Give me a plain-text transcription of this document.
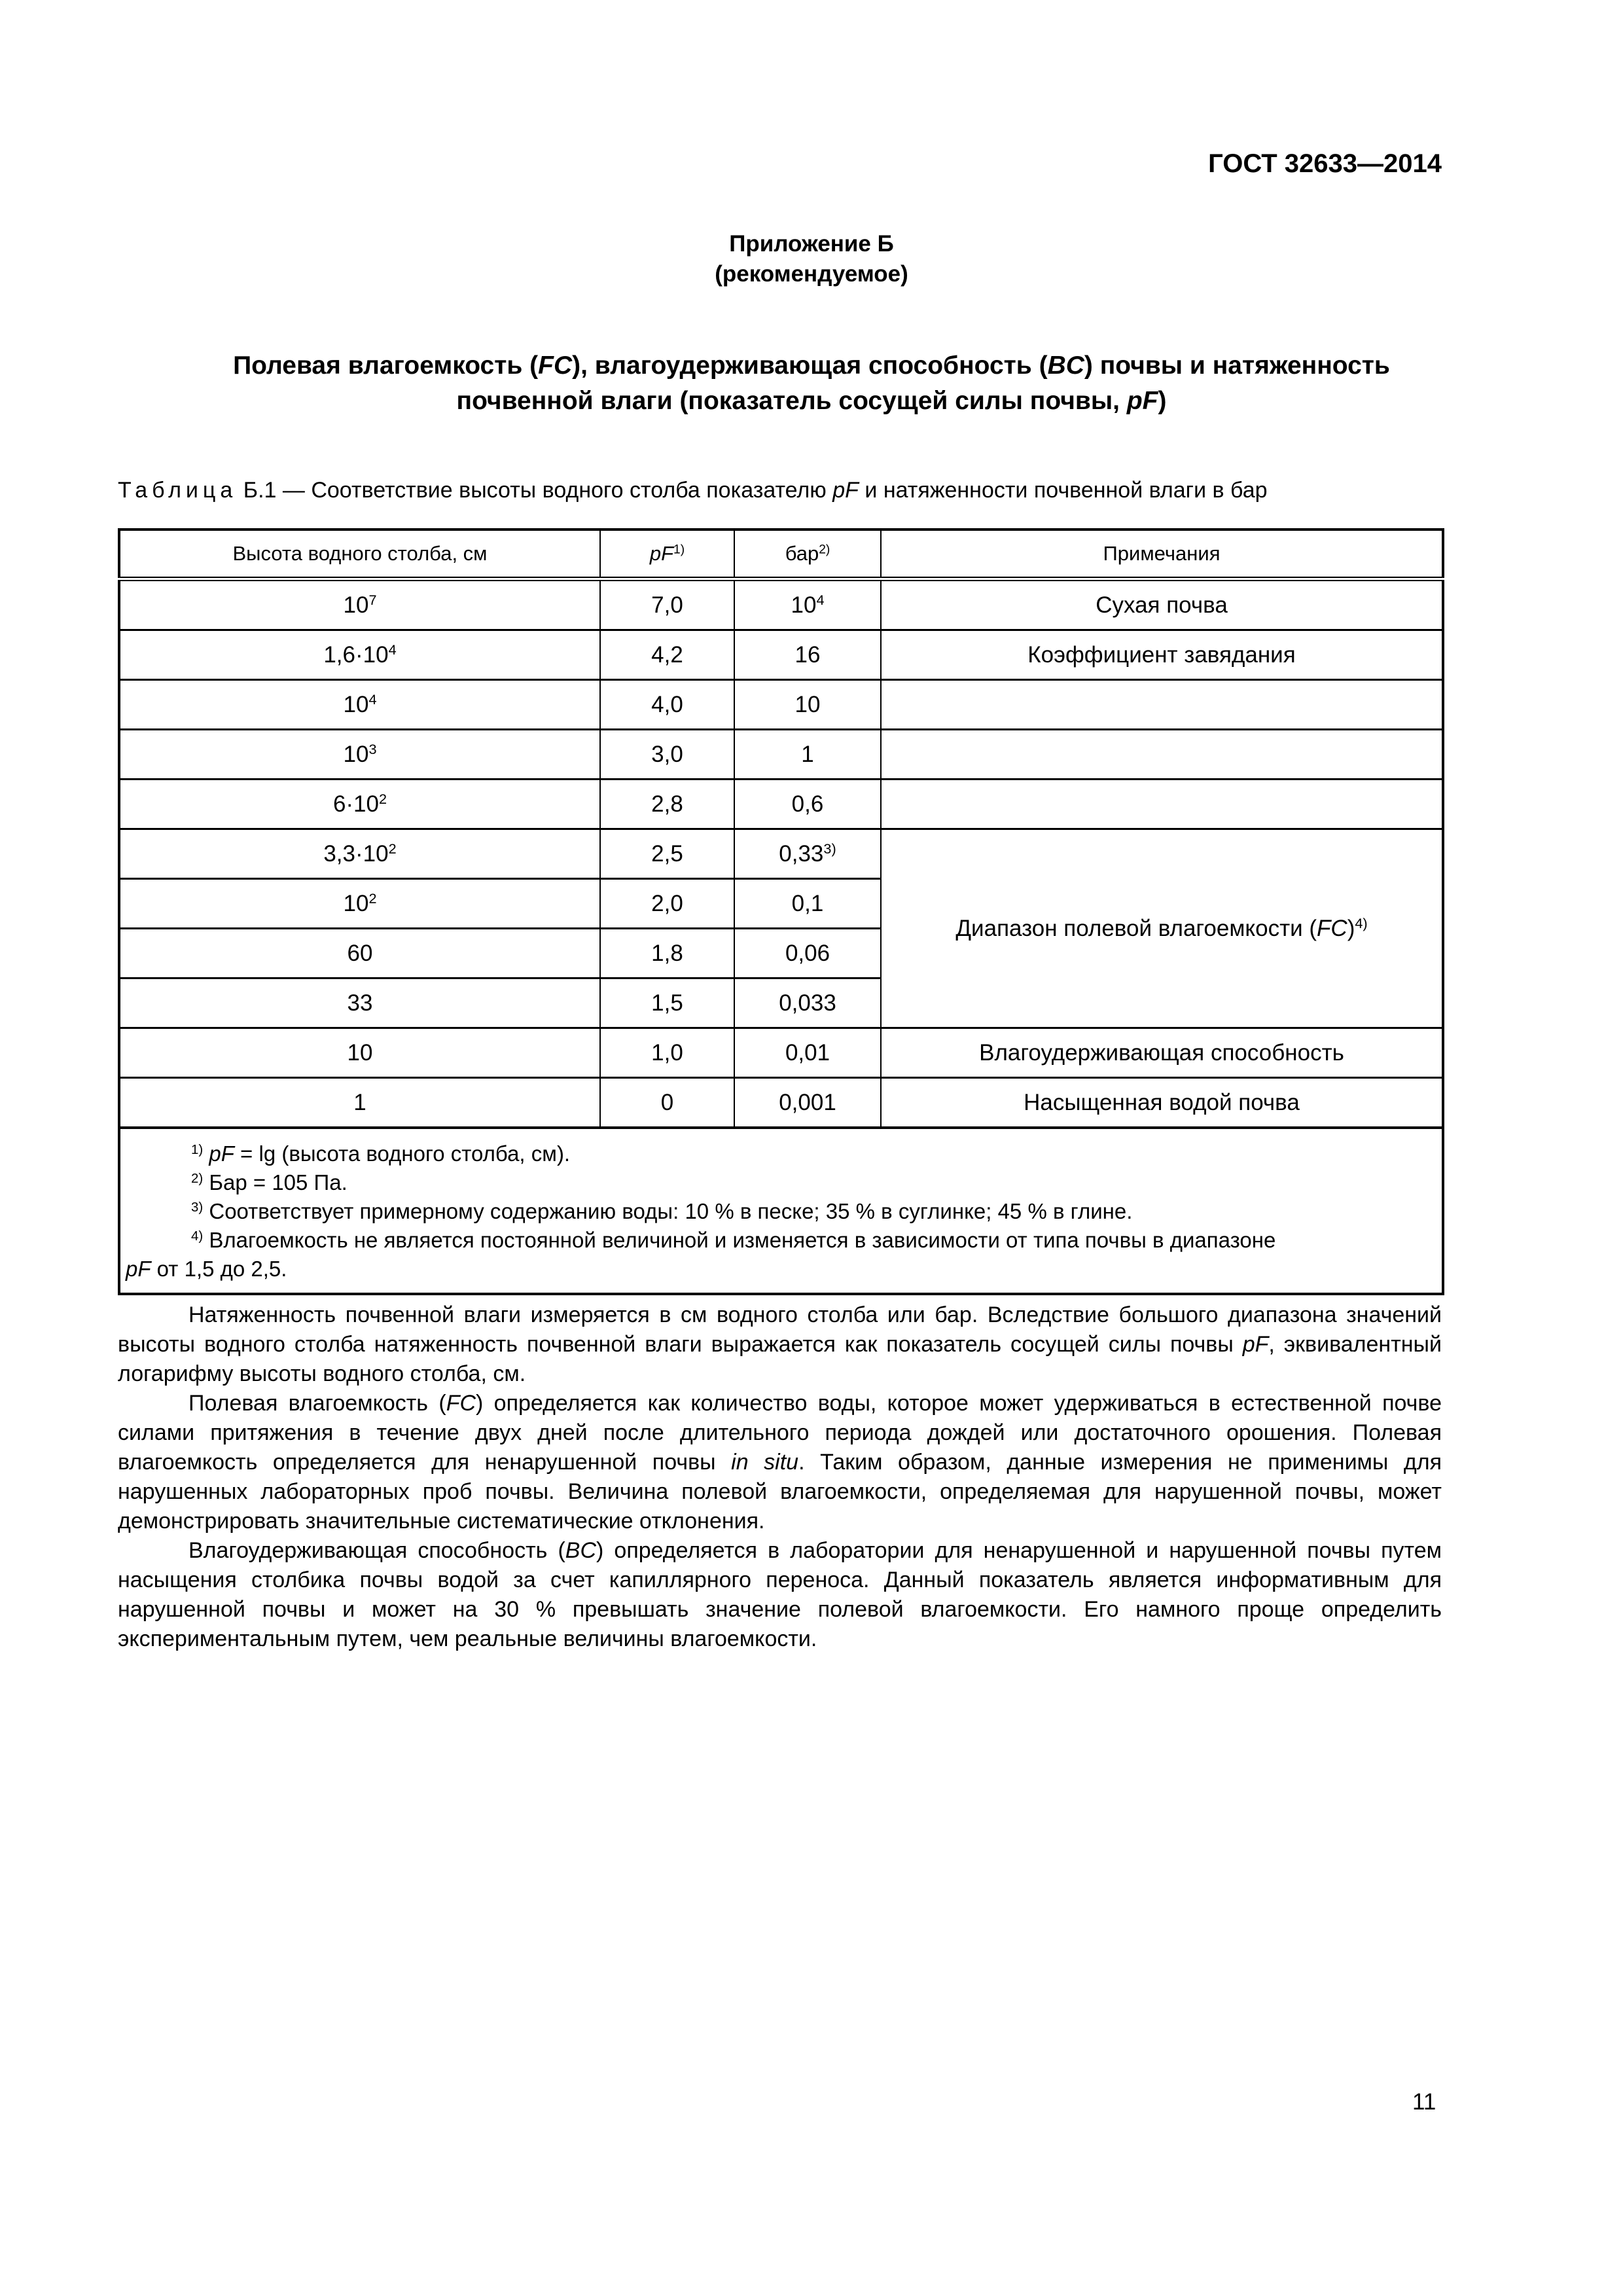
ГОСТ 32633—2014
Приложение Б
(рекомендуемое)
Полевая влагоемкость (FC), влагоудерживающая способность (BC) почвы и натяженность
почвенной влаги (показатель сосущей силы почвы, pF)
Таблица Б.1 — Соответствие высоты водного столба показателю pF и натяженности почвенной влаги в бар
Высота водного столба, см	$pF^{1)}$	бар$^{2)}$	Примечания
$10^7$	7,0	$10^4$	Сухая почва
$1,6\cdot 10^4$	4,2	16	Коэффициент завядания
$10^4$	4,0	10	
$10^3$	3,0	1	
$6\cdot 10^2$	2,8	0,6	
$3,3\cdot 10^2$	2,5	0,33$^{3)}$	Диапазон полевой влагоемкости (FC)$^{4)}$
$10^2$	2,0	0,1	
60	1,8	0,06	
33	1,5	0,033	
10	1,0	0,01	Влагоудерживающая способность
1	0	0,001	Насыщенная водой почва

$^{1)}$ pF = lg (высота водного столба, см).
$^{2)}$ Бар = 105 Па.
$^{3)}$ Соответствует примерному содержанию воды: 10 % в песке; 35 % в суглинке; 45 % в глине.
$^{4)}$ Влагоемкость не является постоянной величиной и изменяется в зависимости от типа почвы в диапазоне
pF от 1,5 до 2,5.			

Натяженность почвенной влаги измеряется в см водного столба или бар. Вследствие большого диапазона значений высоты водного столба натяженность почвенной влаги выражается как показатель сосущей силы почвы pF, эквивалентный логарифму высоты водного столба, см.

Полевая влагоемкость (FC) определяется как количество воды, которое может удерживаться в естественной почве силами притяжения в течение двух дней после длительного периода дождей или достаточного орошения. Полевая влагоемкость определяется для ненарушенной почвы in situ. Таким образом, данные измерения не применимы для нарушенных лабораторных проб почвы. Величина полевой влагоемкости, определяемая для нарушенной почвы, может демонстрировать значительные систематические отклонения.

Влагоудерживающая способность (BC) определяется в лаборатории для ненарушенной и нарушенной почвы путем насыщения столбика почвы водой за счет капиллярного переноса. Данный показатель является информативным для нарушенной почвы и может на 30 % превышать значение полевой влагоемкости. Его намного проще определить экспериментальным путем, чем реальные величины влагоемкости.

11
